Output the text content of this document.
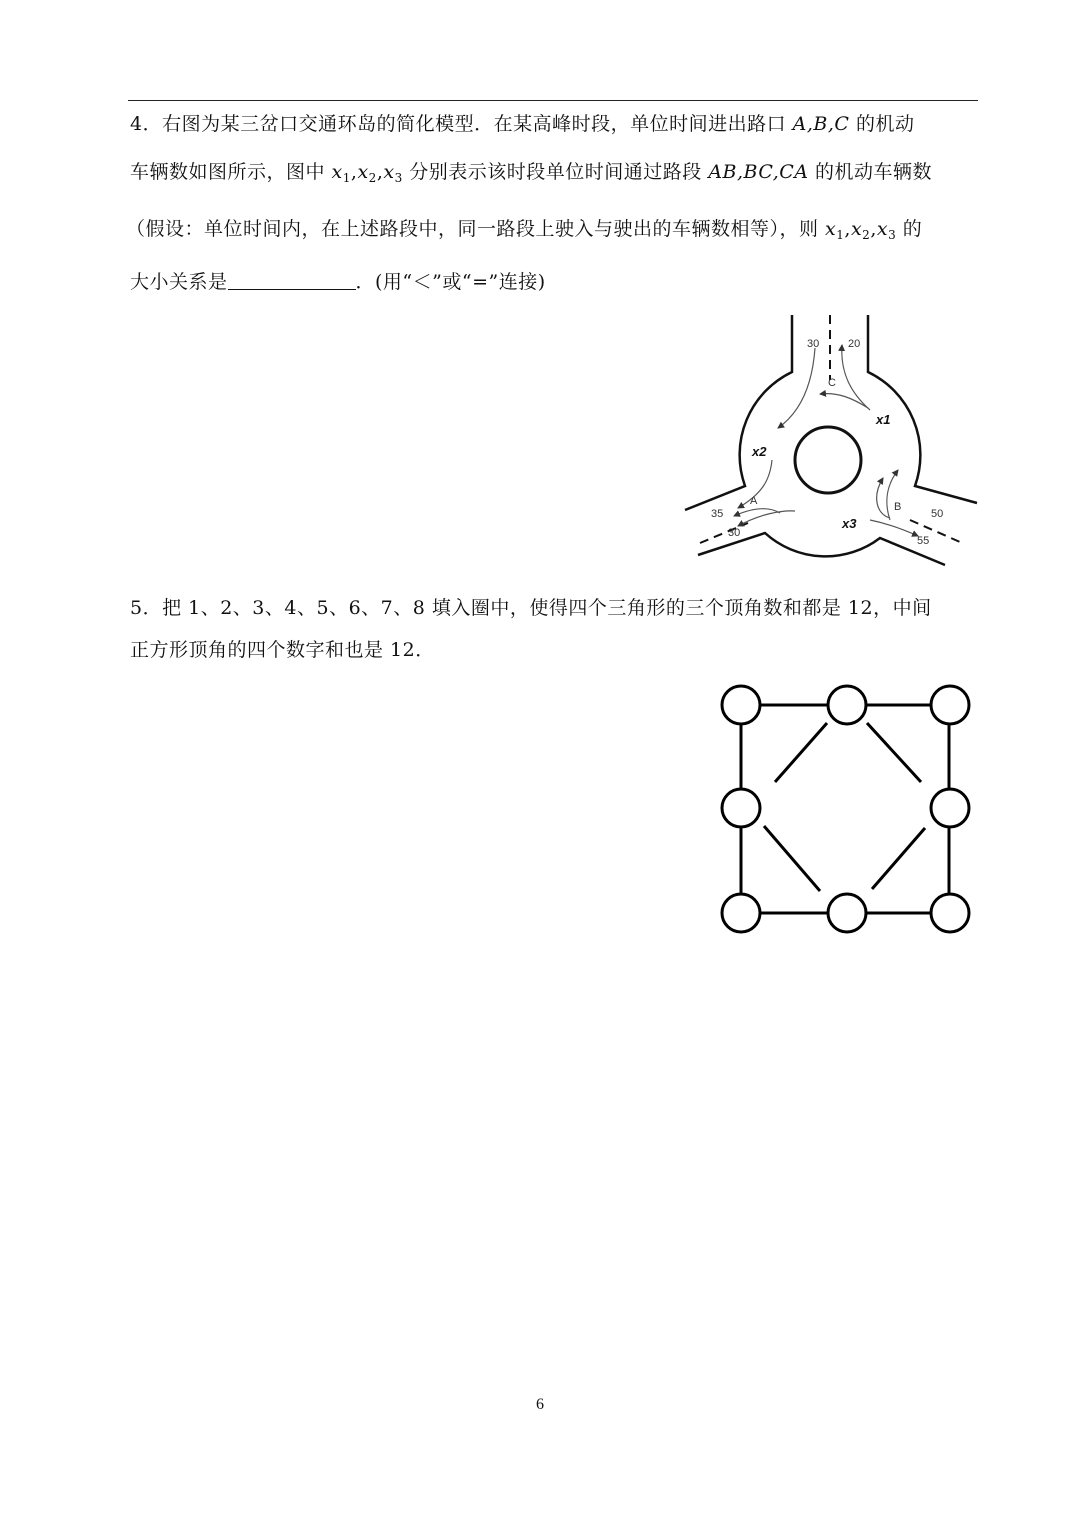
4．右图为某三岔口交通环岛的简化模型．在某高峰时段，单位时间进出路口 A,B,C 的机动
车辆数如图所示，图中 $x_1,x_2,x_3$ 分别表示该时段单位时间通过路段 AB,BC,CA 的机动车辆数
（假设：单位时间内，在上述路段中，同一路段上驶入与驶出的车辆数相等），则 $x_1,x_2,x_3$ 的
大小关系是	．(用“＜”或“=”连接)
30	20
C
A	B
35
30
50
55
x1
x2
x3
5．把 1、2、3、4、5、6、7、8 填入圈中，使得四个三角形的三个顶角数和都是 12，中间
正方形顶角的四个数字和也是 12．
6
